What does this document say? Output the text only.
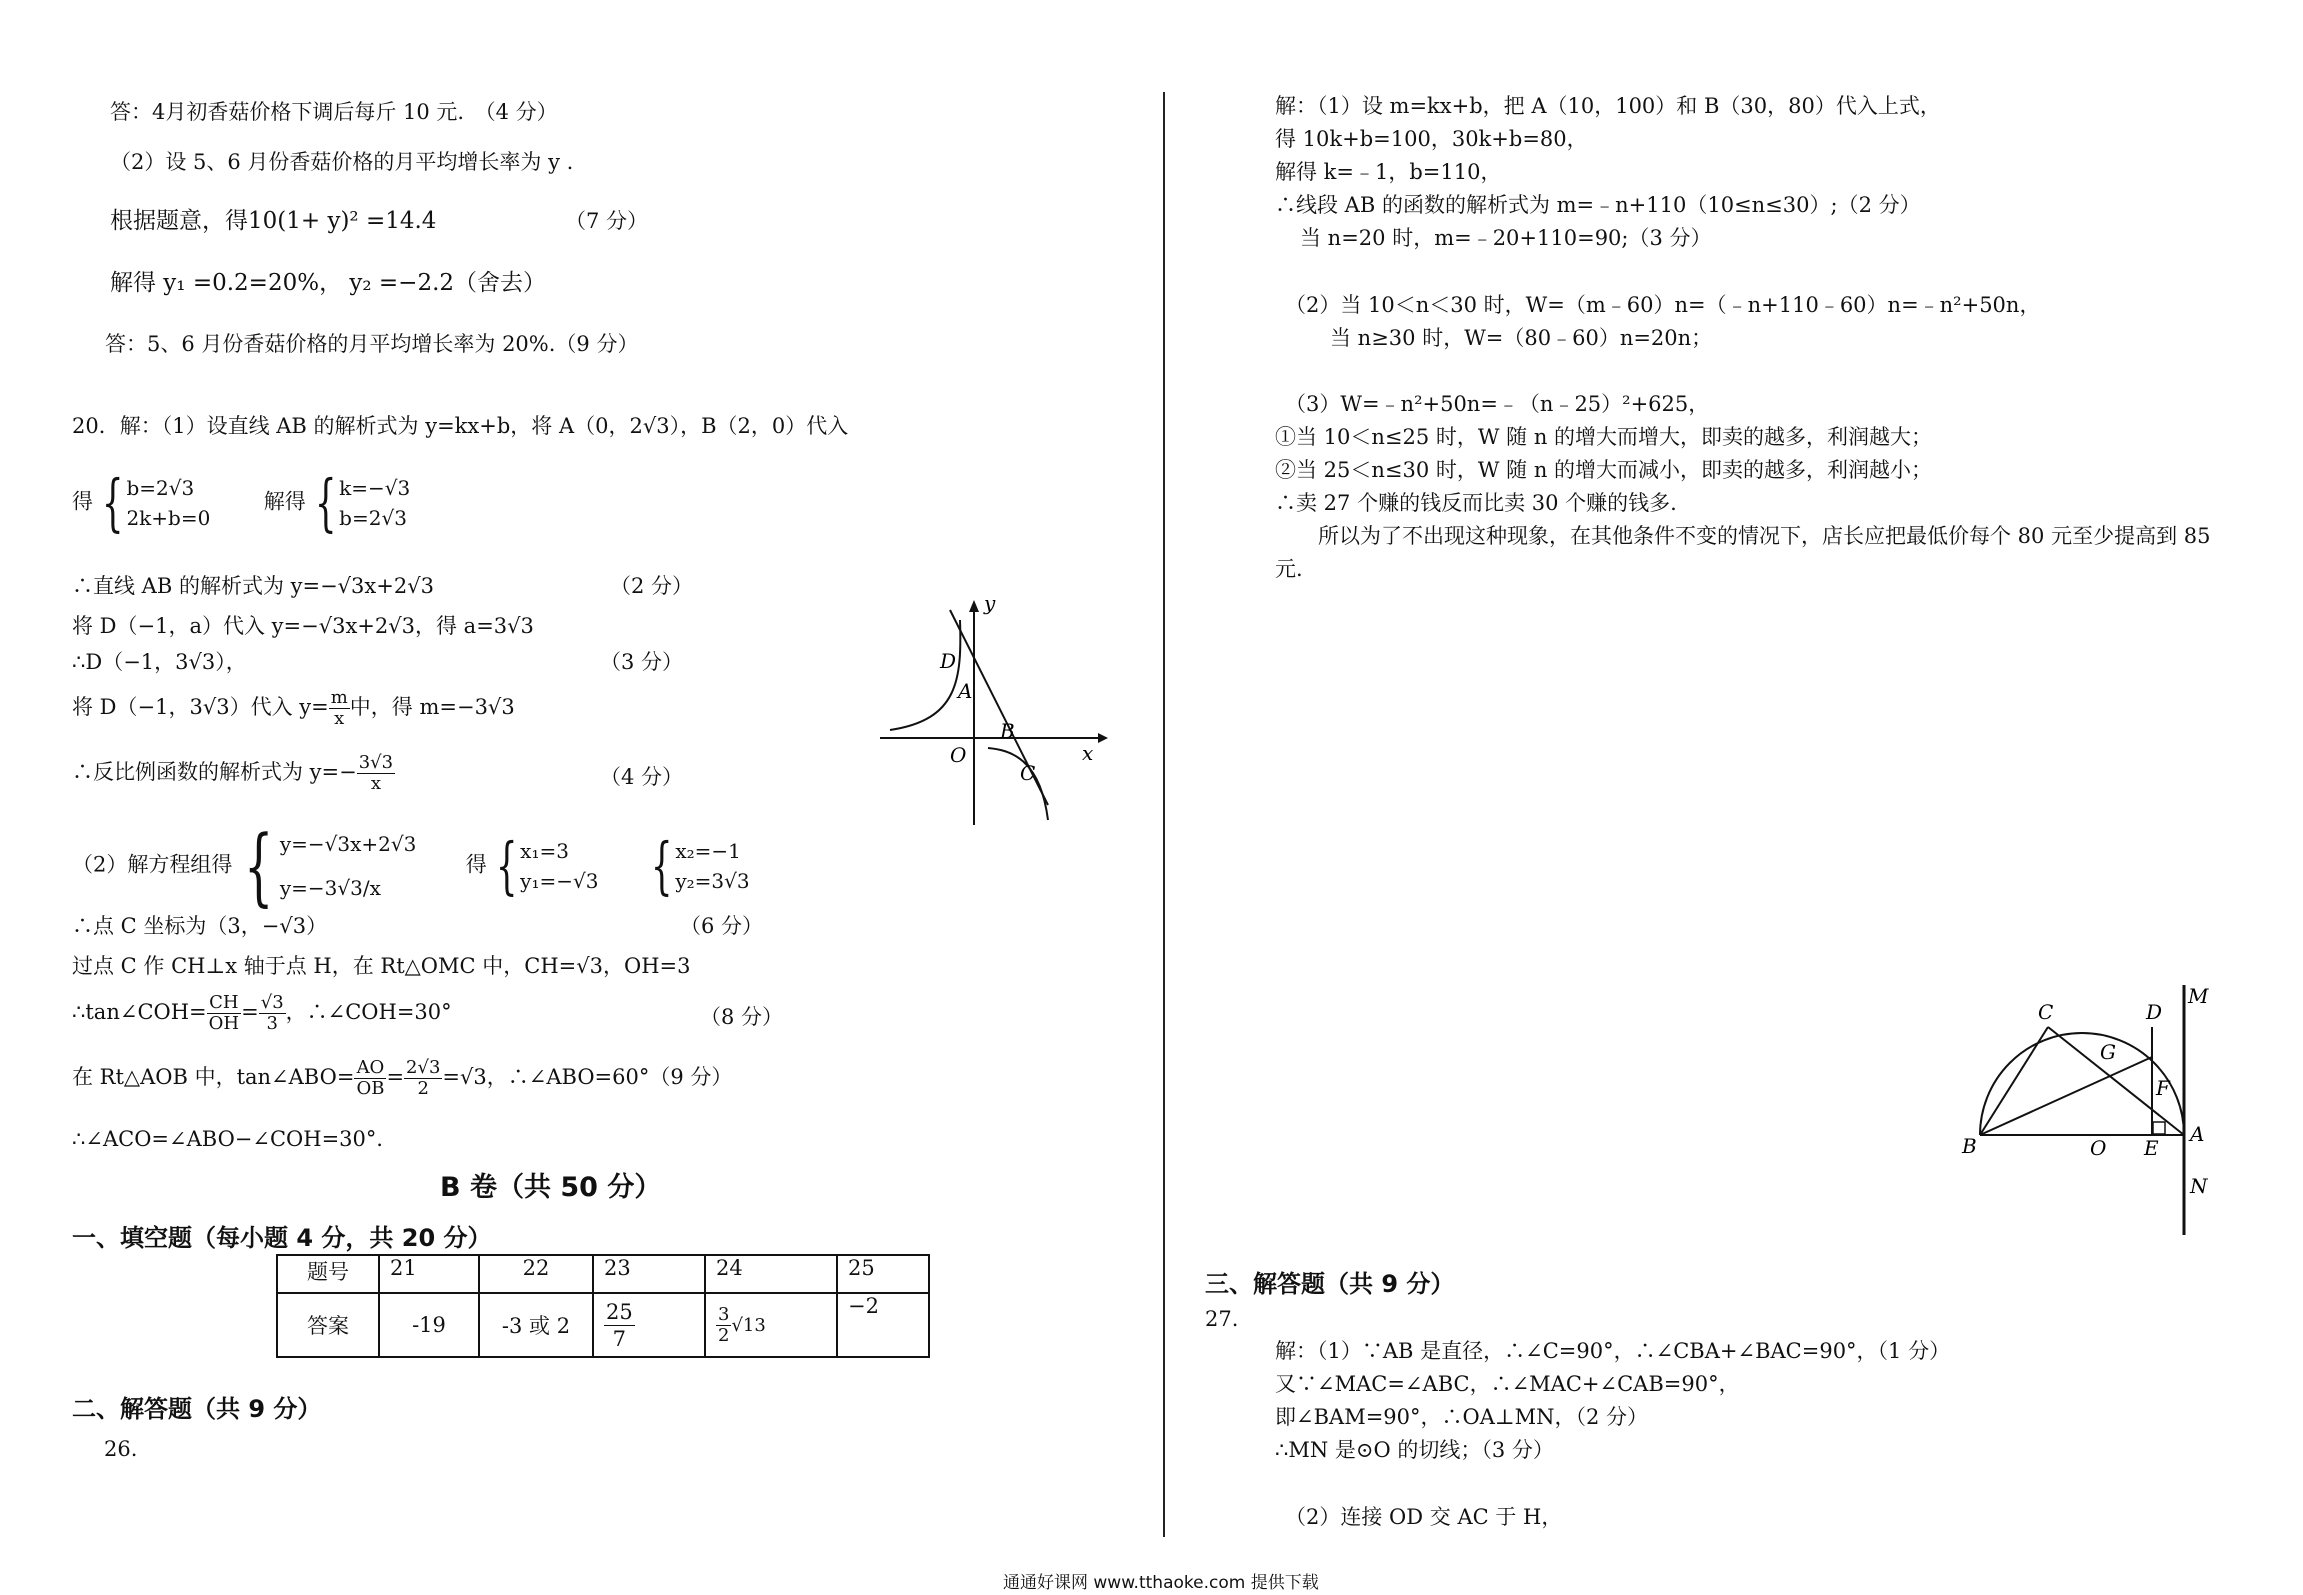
答：4月初香菇价格下调后每斤 10 元.　（4 分）
（2）设 5、6 月份香菇价格的月平均增长率为 y .
根据题意，得10(1+ y)² =14.4	（7 分）
解得 y₁ =0.2=20%， y₂ =−2.2（舍去）
答：5、6 月份香菇价格的月平均增长率为 20%.（9 分）
20．解：（1）设直线 AB 的解析式为 y=kx+b，将 A（0，2√3），B（2，0）代入
得 { b=2√3
2k+b=0  解得 { k=−√3
b=2√3
∴直线 AB 的解析式为 y=−√3x+2√3	（2 分）
将 D（−1，a）代入 y=−√3x+2√3，得 a=3√3
∴D（−1，3√3），	（3 分）
将 D（−1，3√3）代入 $y= \frac{m}{x}$ 中，得 m=−3√3
∴反比例函数的解析式为 $y=- \frac{3√3}{x}$	（4 分）
（2）解方程组得 { y=−√3x+2√3
y=−3√3/x  得 { x₁=3
y₁=−√3 { x₂=−1
y₂=3√3
∴点 C 坐标为（3，−√3）	（6 分）
过点 C 作 CH⊥x 轴于点 H，在 Rt△OMC 中，CH=√3，OH=3
∴tan∠COH= $\frac{CH}{OH} = \frac{√3}{3}$ ，∴∠COH=30°	（8 分）
在 Rt△AOB 中，tan∠ABO= $\frac{AO}{OB} = \frac{2√3}{2} =√3$，∴∠ABO=60°（9 分）
∴∠ACO=∠ABO−∠COH=30°．
B 卷（共 50 分）
一、填空题（每小题 4 分，共 20 分）
题号	21	22	23	24	25
答案	-19	-3 或 2	$\frac{25}{7}$	$\frac{3}{2} √13$	−2
二、解答题（共 9 分）
26.
y
x
D
A
B
O
C
解：（1）设 m=kx+b，把 A（10，100）和 B（30，80）代入上式，
得 10k+b=100，30k+b=80，
解得 k=﹣1，b=110，
∴线段 AB 的函数的解析式为 m=﹣n+110（10≤n≤30）;（2 分）
当 n=20 时，m=﹣20+110=90;（3 分）
（2）当 10＜n＜30 时，W=（m﹣60）n=（﹣n+110﹣60）n=﹣n²+50n，
当 n≥30 时，W=（80﹣60）n=20n；
（3）W=﹣n²+50n=﹣（n﹣25）²+625，
①当 10＜n≤25 时，W 随 n 的增大而增大，即卖的越多，利润越大；
②当 25＜n≤30 时，W 随 n 的增大而减小，即卖的越多，利润越小；
∴卖 27 个赚的钱反而比卖 30 个赚的钱多.
所以为了不出现这种现象，在其他条件不变的情况下，店长应把最低价每个 80 元至少提高到 85
元.
M
C	D
G
F
B	O E
A
N
三、解答题（共 9 分）
27.
解：（1）∵AB 是直径，∴∠C=90°，∴∠CBA+∠BAC=90°，（1 分）
又∵∠MAC=∠ABC，∴∠MAC+∠CAB=90°，
即∠BAM=90°，∴OA⊥MN，（2 分）
∴MN 是⊙O 的切线；（3 分）
（2）连接 OD 交 AC 于 H，
通通好课网 www.tthaoke.com 提供下载
